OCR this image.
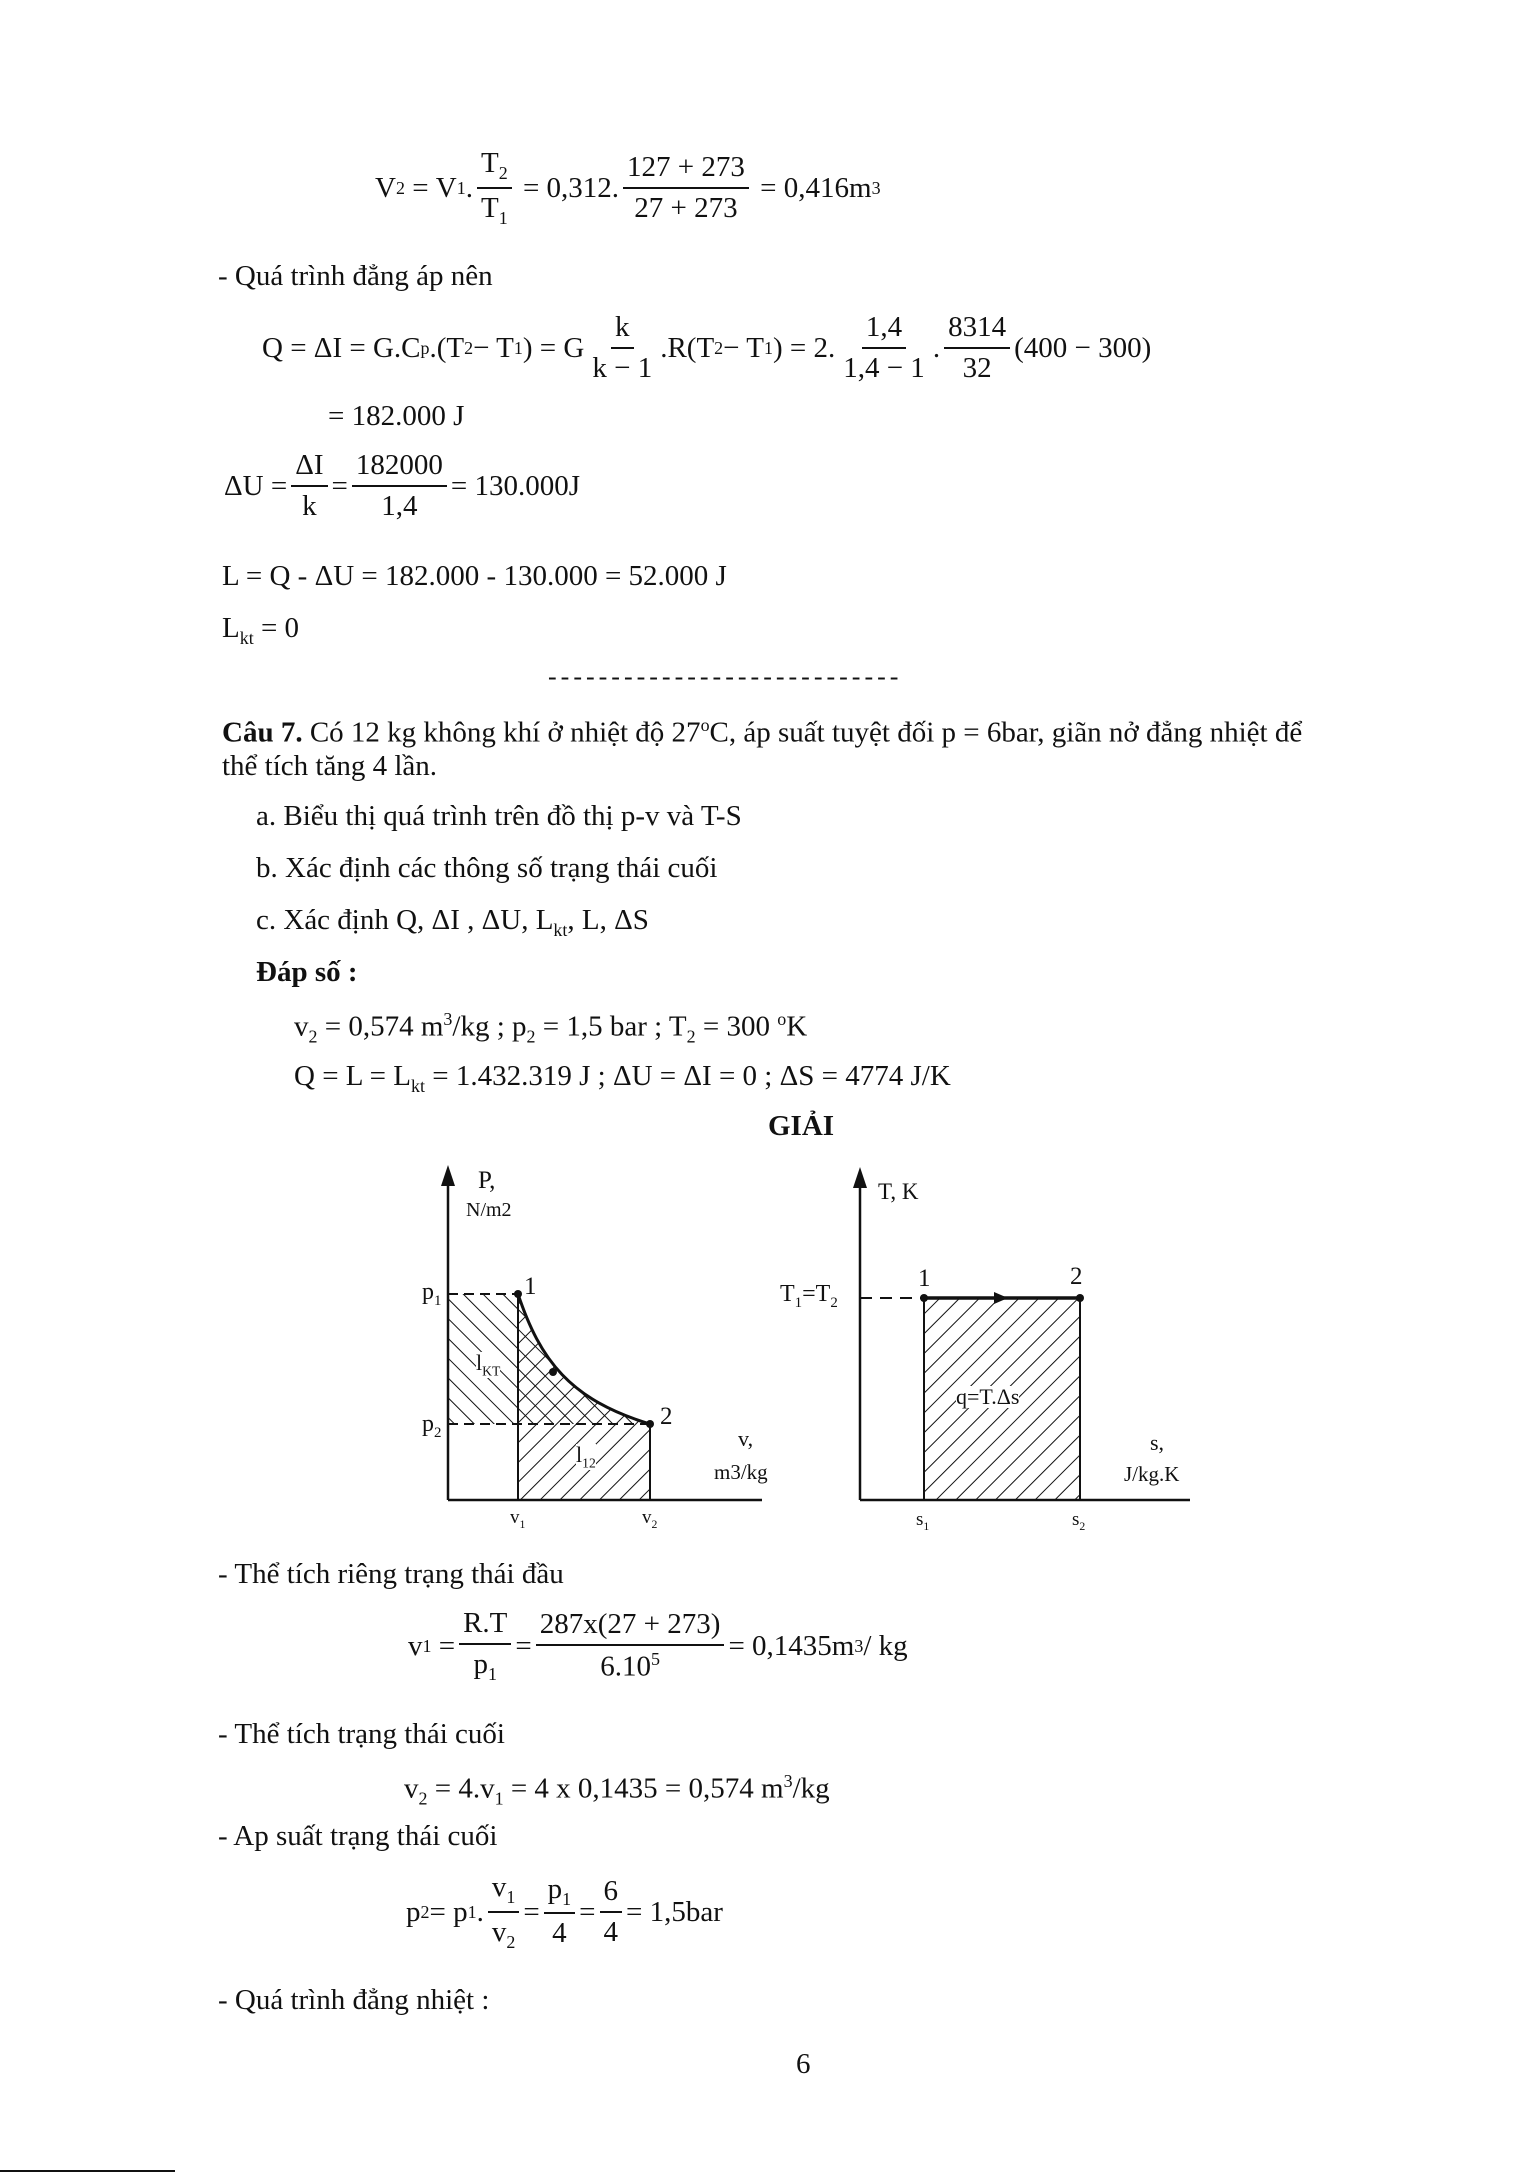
V 2 = V 1 . $\frac{T_2}{T_1} = 0,312$. $\frac{127 + 273}{27 + 273} = 0,416m$ 3
- Quá trình đẳng áp nên
Q = ΔI = G.C p .(T 2 − T 1 ) = G $\frac{k}{k - 1} .R(T$ 2 − T 1 ) = 2. $\frac{1,4}{1,4 - 1}$ . $\frac{8314}{32} (400 - 300)$
= 182.000 J
$\Delta U = \frac{\Delta I}{k} = \frac{182000}{1,4} = 130.000J$
L = Q - ΔU = 182.000 - 130.000 = 52.000 J
$L_{kt} = 0$
----------------------------
Câu 7. Có 12 kg không khí ở nhiệt độ 27$^o$C, áp suất tuyệt đối p = 6bar, giãn nở đẳng nhiệt để
thể tích tăng 4 lần.
a. Biểu thị quá trình trên đồ thị p-v và T-S
b. Xác định các thông số trạng thái cuối
c. Xác định Q, ΔI , ΔU, $L_{kt}$, L, ΔS
Đáp số :
$v_2 = 0,574$ $m^3/kg$ ; $p_2 = 1,5$ bar ; $T_2 = 300$ $^o$K
$Q = L = L_{kt} = 1.432.319$ J ; ΔU = ΔI = 0 ; ΔS = 4774 J/K
GIẢI
P,
N/m2
$p_1$
$p_2$
1
2
$l_{KT}$
$l_{12}$
v,
m3/kg
$v_1$	$v_2$
T, K
$T_1=T_2$
1	2
q=T.Δs
s,
J/kg.K
$s_1$	$s_2$
- Thể tích riêng trạng thái đầu
v 1
= $\frac{R.T}{p_1} = \frac{287x(27 + 273)}{6.10^5} = 0,1435m$ 3 / kg
- Thể tích trạng thái cuối
$v_2 = 4.v_1 = 4$ x 0,1435 = 0,574 $m^3/kg$
- Ap suất trạng thái cuối
p 2 = p 1 . $\frac{v_1}{v_2} = \frac{p_1}{4} = \frac{6}{4} = 1,5bar$
- Quá trình đẳng nhiệt :
6
